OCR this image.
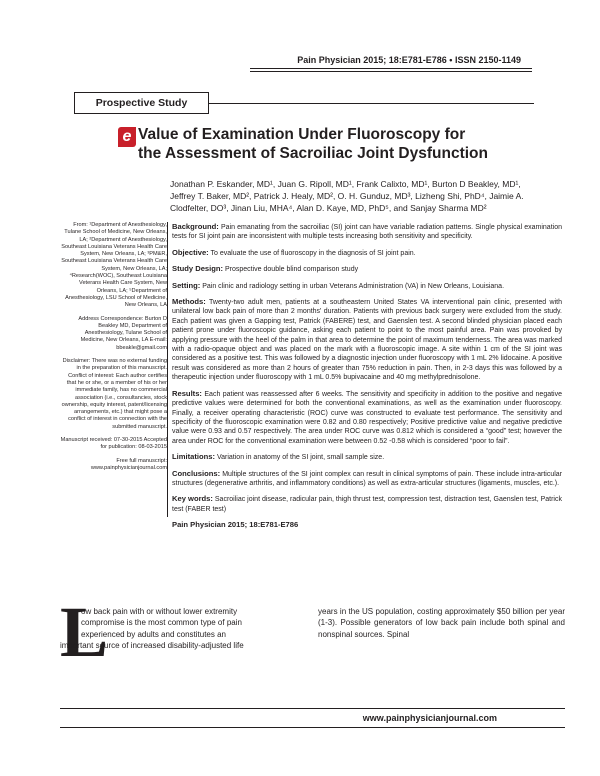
Pain Physician 2015; 18:E781-E786 • ISSN 2150-1149
Prospective Study
e Value of Examination Under Fluoroscopy for
the Assessment of Sacroiliac Joint Dysfunction
Jonathan P. Eskander, MD¹, Juan G. Ripoll, MD¹, Frank Calixto, MD¹, Burton D Beakley, MD¹,
Jeffrey T. Baker, MD², Patrick J. Healy, MD², O. H. Gunduz, MD³, Lizheng Shi, PhD⁴, Jaimie A.
Clodfelter, DO³, Jinan Liu, MHA⁴, Alan D. Kaye, MD, PhD⁵, and Sanjay Sharma MD²

From: ¹Department of Anesthesiology, Tulane School of Medicine, New Orleans, LA; ²Department of Anesthesiology, Southeast Louisiana Veterans Health Care System, New Orleans, LA; ³PM&R, Southeast Louisiana Veterans Health Care System, New Orleans, LA; ⁴Research(WOC), Southeast Louisiana Veterans Health Care System, New Orleans, LA; ⁵Department of Anesthesiology, LSU School of Medicine, New Orleans, LA

Address Correspondence: Burton D Beakley MD, Department of Anesthesiology, Tulane School of Medicine, New Orleans, LA E-mail: bbeakle@gmail.com

Disclaimer: There was no external funding in the preparation of this manuscript. Conflict of interest: Each author certifies that he or she, or a member of his or her immediate family, has no commercial association (i.e., consultancies, stock ownership, equity interest, patent/licensing arrangements, etc.) that might pose a conflict of interest in connection with the submitted manuscript.

Manuscript received: 07-30-2015 Accepted for publication: 08-03-2015

Free full manuscript: www.painphysicianjournal.com

Background: Pain emanating from the sacroiliac (SI) joint can have variable radiation patterns. Single physical examination tests for SI joint pain are inconsistent with multiple tests increasing both sensitivity and specificity.

Objective: To evaluate the use of fluoroscopy in the diagnosis of SI joint pain.

Study Design: Prospective double blind comparison study

Setting: Pain clinic and radiology setting in urban Veterans Administration (VA) in New Orleans, Louisiana.

Methods: Twenty-two adult men, patients at a southeastern United States VA interventional pain clinic, presented with unilateral low back pain of more than 2 months' duration. Patients with previous back surgery were excluded from the study. Each patient was given a Gapping test, Patrick (FABERE) test, and Gaenslen test. A second blinded physician placed each patient prone under fluoroscopic guidance, asking each patient to point to the most painful area. Pain was provoked by applying pressure with the heel of the palm in that area to determine the point of maximum tenderness. The area was marked with a radio-opaque object and was placed on the mark with a fluoroscopic image. A site within 1 cm of the SI joint was considered as a positive test. This was followed by a diagnostic injection under fluoroscopy with 1 mL 2% lidocaine. A positive result was considered as more than 2 hours of greater than 75% reduction in pain. Then, in 2-3 days this was followed by a therapeutic injection under fluoroscopy with 1 mL 0.5% bupivacaine and 40 mg methylprednisolone.

Results: Each patient was reassessed after 6 weeks. The sensitivity and specificity in addition to the positive and negative predictive values were determined for both the conventional examinations, as well as the examination under fluoroscopy. Finally, a receiver operating characteristic (ROC) curve was constructed to evaluate test performance. The sensitivity and specificity of the fluoroscopic examination were 0.82 and 0.80 respectively; Positive predictive value and negative predictive value were 0.93 and 0.57 respectively. The area under ROC curve was 0.812 which is considered a “good” test; however the area under ROC for the conventional examination were between 0.52 -0.58 which is considered “poor to fail”.

Limitations: Variation in anatomy of the SI joint, small sample size.

Conclusions: Multiple structures of the SI joint complex can result in clinical symptoms of pain. These include intra-articular structures (degenerative arthritis, and inflammatory conditions) as well as extra-articular structures (ligaments, muscles, etc.).

Key words: Sacroiliac joint disease, radicular pain, thigh thrust test, compression test, distraction test, Gaenslen test, Patrick test (FABER test)

Pain Physician 2015; 18:E781-E786

L
ow back pain with or without lower extremity
compromise is the most common type of pain
experienced by adults and constitutes an
important source of increased disability-adjusted life
years in the US population, costing approximately $50 billion per year (1-3). Possible generators of low back pain include both spinal and nonspinal sources. Spinal
www.painphysicianjournal.com
